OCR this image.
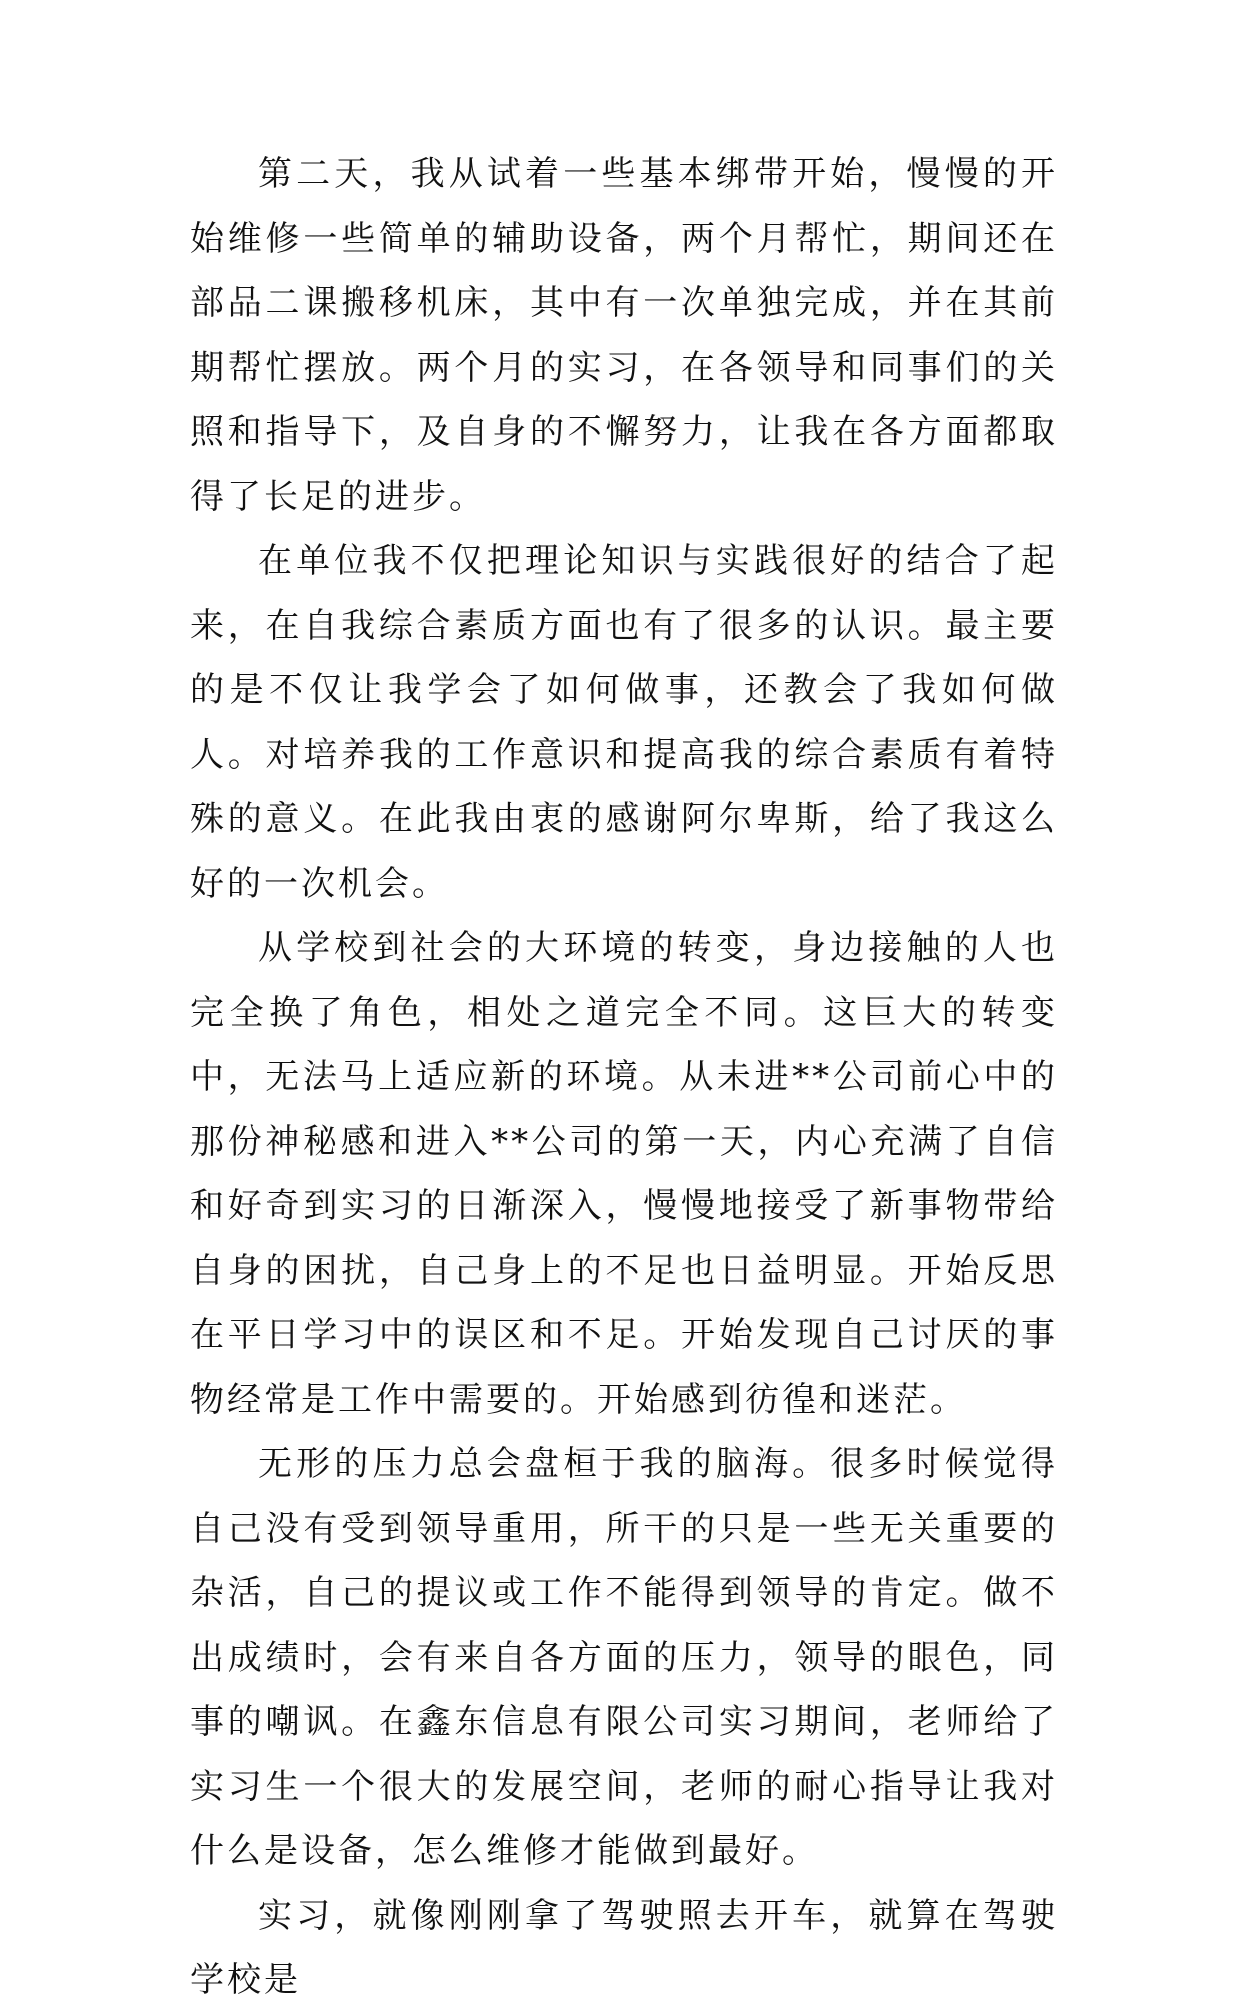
第二天，我从试着一些基本绑带开始，慢慢的开始维修一些简单的辅助设备，两个月帮忙，期间还在部品二课搬移机床，其中有一次单独完成，并在其前期帮忙摆放。两个月的实习，在各领导和同事们的关照和指导下，及自身的不懈努力，让我在各方面都取得了长足的进步。

在单位我不仅把理论知识与实践很好的结合了起来，在自我综合素质方面也有了很多的认识。最主要的是不仅让我学会了如何做事，还教会了我如何做人。对培养我的工作意识和提高我的综合素质有着特殊的意义。在此我由衷的感谢阿尔卑斯，给了我这么好的一次机会。

从学校到社会的大环境的转变，身边接触的人也完全换了角色，相处之道完全不同。这巨大的转变中，无法马上适应新的环境。从未进**公司前心中的那份神秘感和进入**公司的第一天，内心充满了自信和好奇到实习的日渐深入，慢慢地接受了新事物带给自身的困扰，自己身上的不足也日益明显。开始反思在平日学习中的误区和不足。开始发现自己讨厌的事物经常是工作中需要的。开始感到彷徨和迷茫。

无形的压力总会盘桓于我的脑海。很多时候觉得自己没有受到领导重用，所干的只是一些无关重要的杂活，自己的提议或工作不能得到领导的肯定。做不出成绩时，会有来自各方面的压力，领导的眼色，同事的嘲讽。在鑫东信息有限公司实习期间，老师给了实习生一个很大的发展空间，老师的耐心指导让我对什么是设备，怎么维修才能做到最好。

实习，就像刚刚拿了驾驶照去开车，就算在驾驶学校是
